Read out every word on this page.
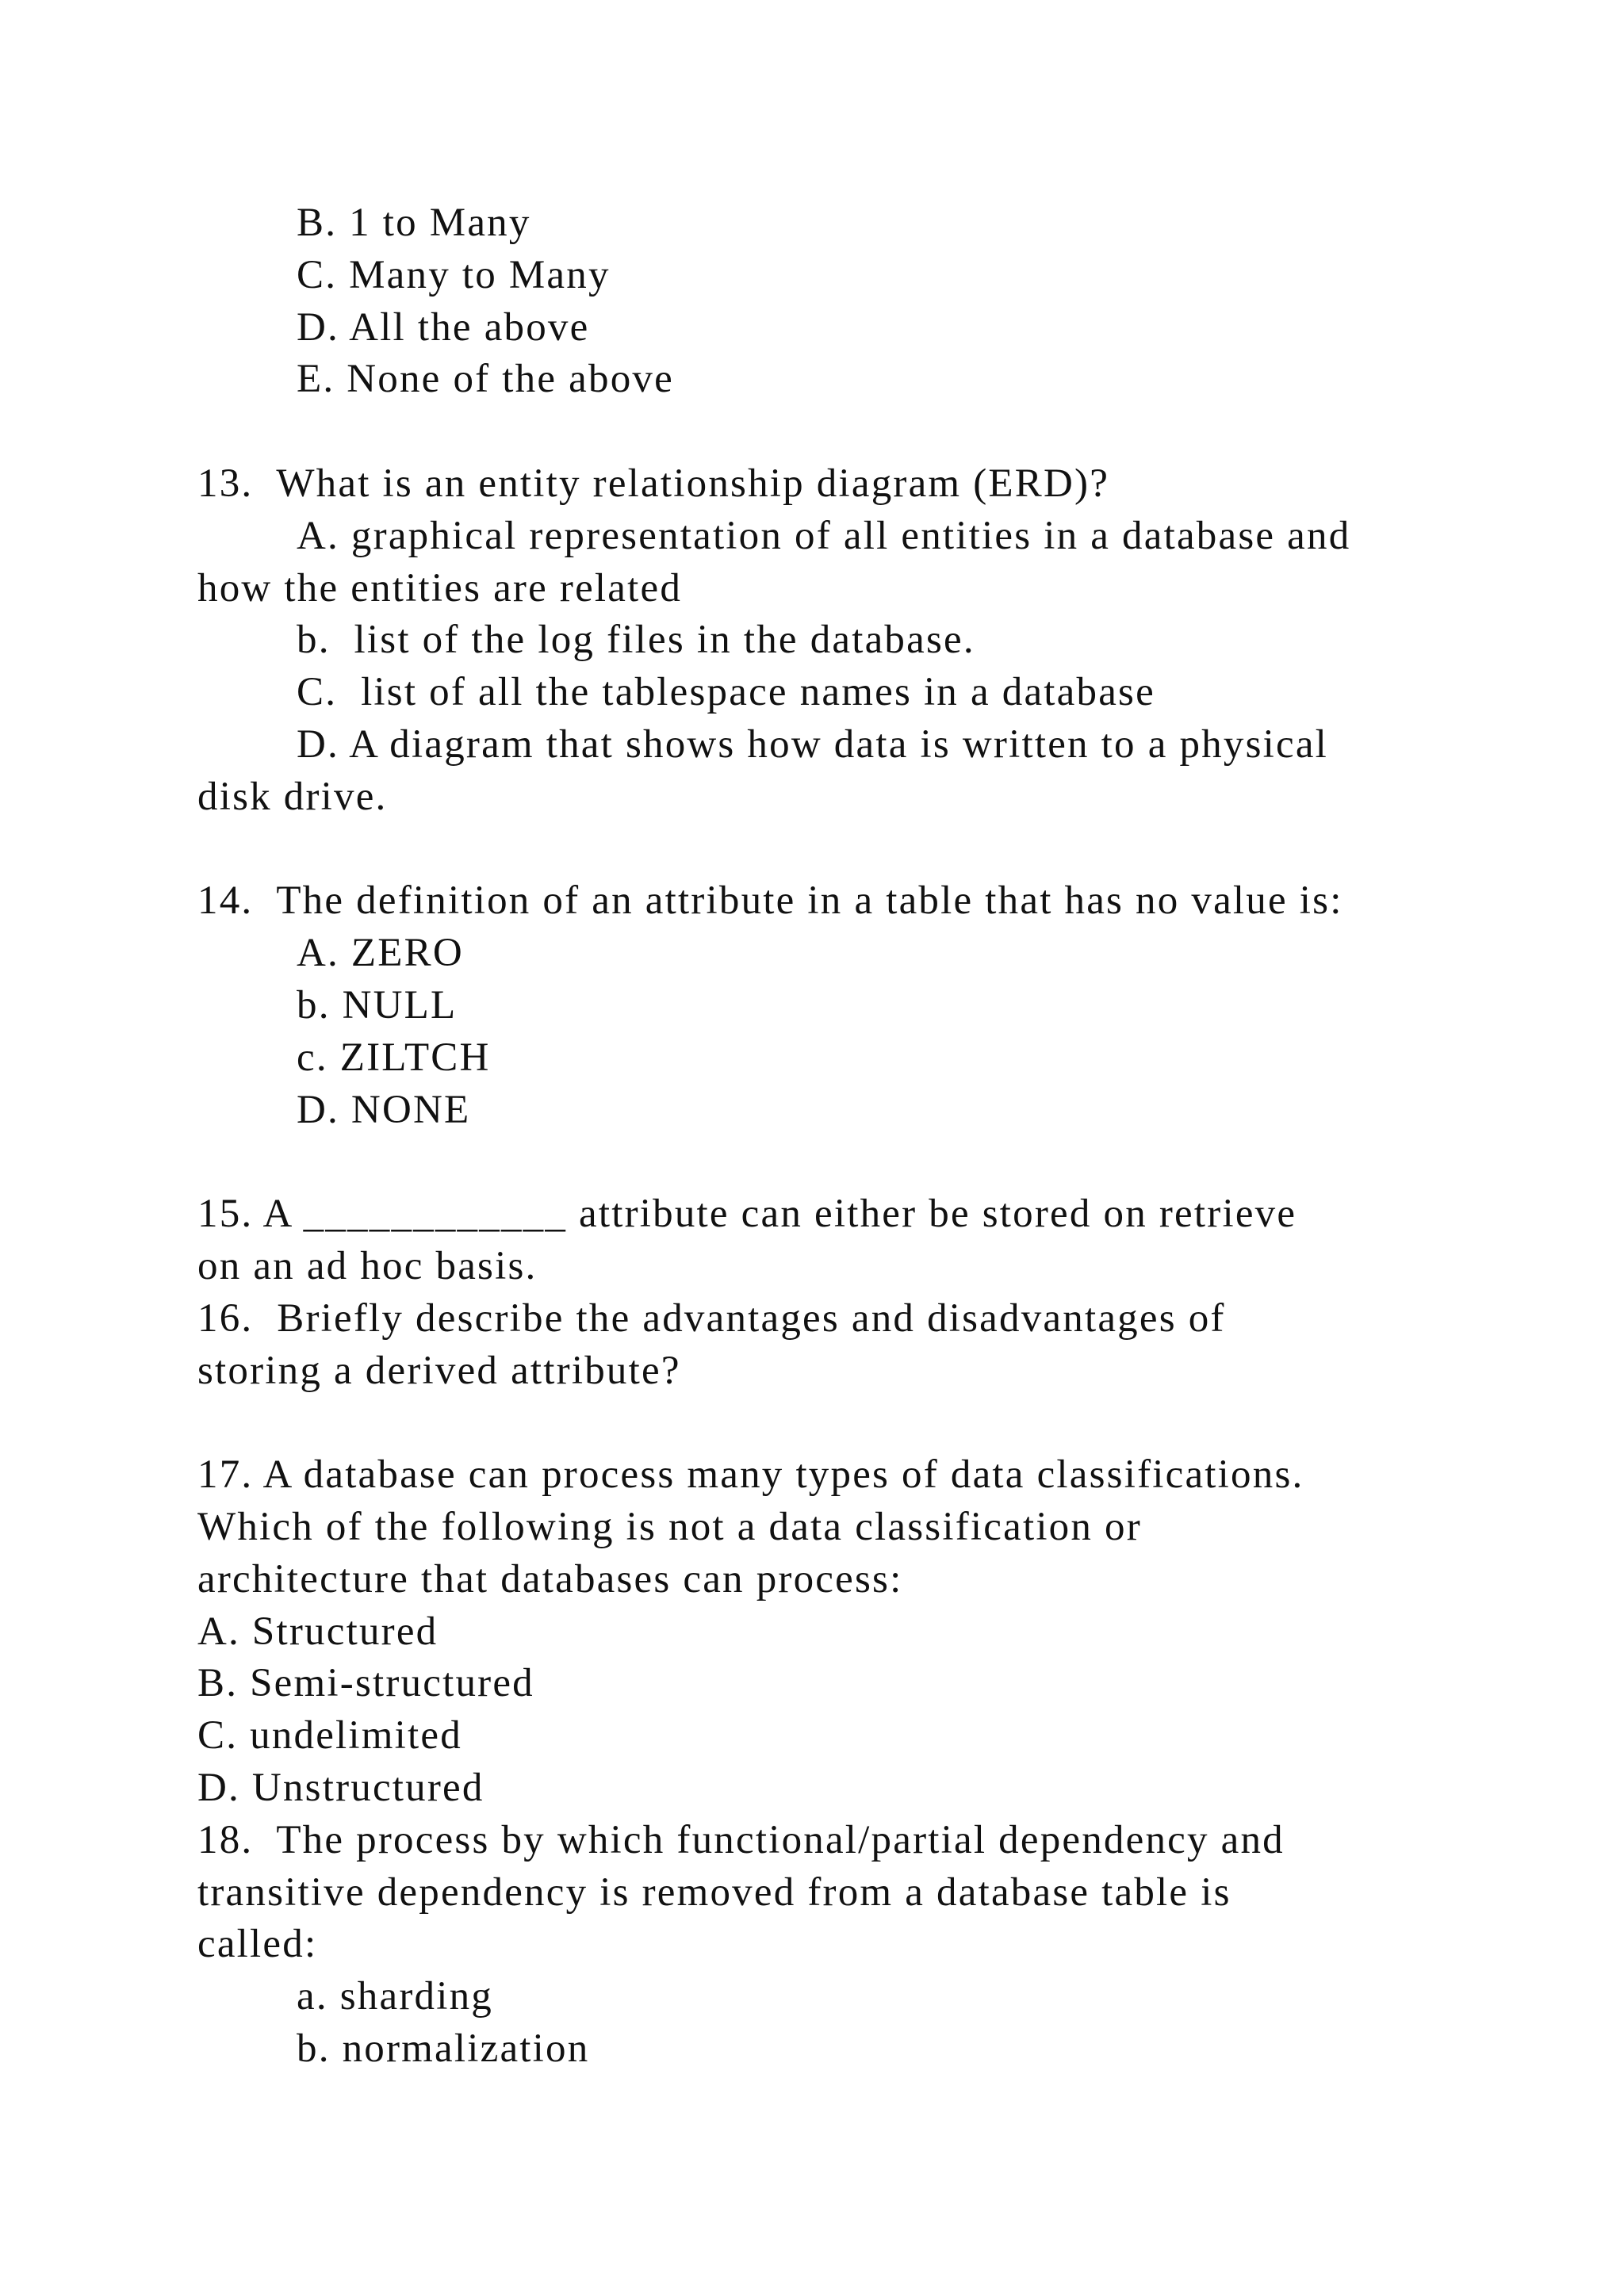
B. 1 to Many

C. Many to Many

D. All the above

E. None of the above

13.  What is an entity relationship diagram (ERD)?

A. graphical representation of all entities in a database and

how the entities are related

b.  list of the log files in the database.

C.  list of all the tablespace names in a database

D. A diagram that shows how data is written to a physical

disk drive.

14.  The definition of an attribute in a table that has no value is:

A. ZERO

b. NULL

c. ZILTCH

D. NONE

15. A ____________ attribute can either be stored on retrieve

on an ad hoc basis.

16.  Briefly describe the advantages and disadvantages of

storing a derived attribute?

17. A database can process many types of data classifications.

Which of the following is not a data classification or

architecture that databases can process:

A. Structured

B. Semi-structured

C. undelimited

D. Unstructured

18.  The process by which functional/partial dependency and

transitive dependency is removed from a database table is

called:

a. sharding

b. normalization
